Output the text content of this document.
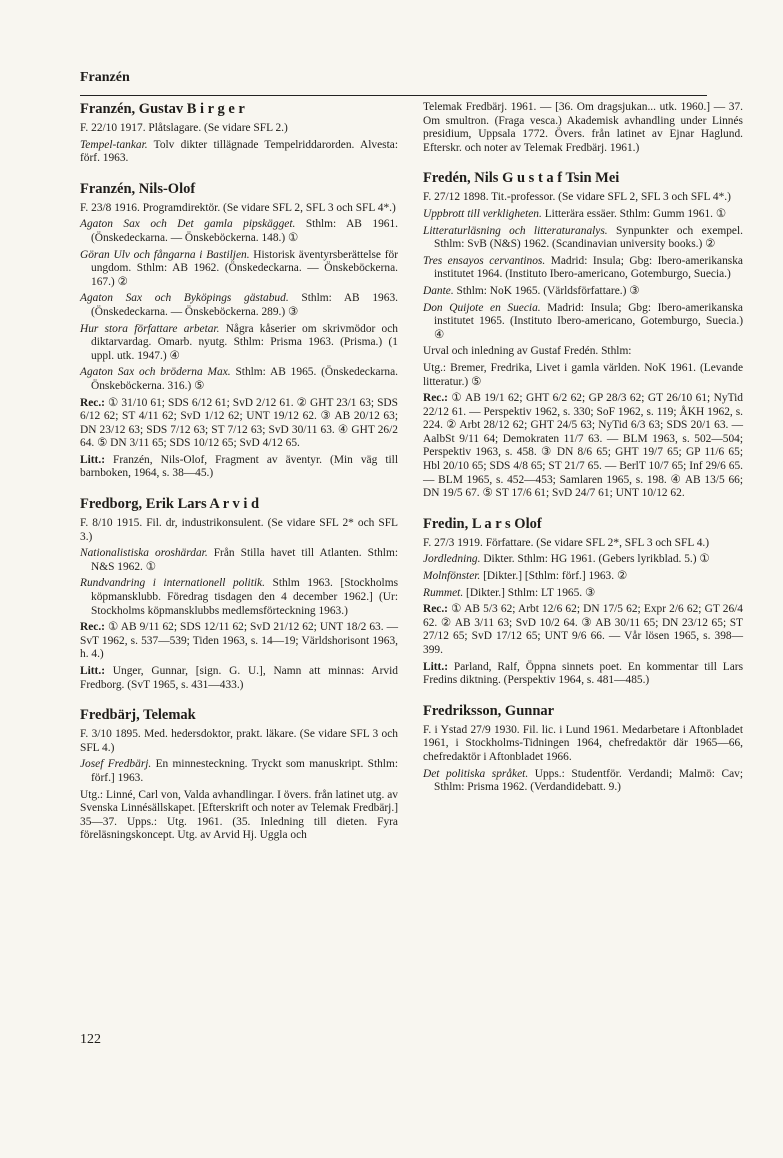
Franzén
Franzén, Gustav B i r g e r
F. 22/10 1917. Plåtslagare. (Se vidare SFL 2.)
Tempel-tankar. Tolv dikter tillägnade Tempelriddarorden. Alvesta: förf. 1963.
Franzén, Nils-Olof
F. 23/8 1916. Programdirektör. (Se vidare SFL 2, SFL 3 och SFL 4*.)
Agaton Sax och Det gamla pipskägget. Sthlm: AB 1961. (Önskedeckarna. — Önskeböckerna. 148.) ①
Göran Ulv och fångarna i Bastiljen. Historisk äventyrsberättelse för ungdom. Sthlm: AB 1962. (Önskedeckarna. — Önskeböckerna. 167.) ②
Agaton Sax och Byköpings gästabud. Sthlm: AB 1963. (Önskedeckarna. — Önskeböckerna. 289.) ③
Hur stora författare arbetar. Några kåserier om skrivmödor och diktarvardag. Omarb. nyutg. Sthlm: Prisma 1963. (Prisma.) (1 uppl. utk. 1947.) ④
Agaton Sax och bröderna Max. Sthlm: AB 1965. (Önskedeckarna. Önskeböckerna. 316.) ⑤
Rec.: ① 31/10 61; SDS 6/12 61; SvD 2/12 61. ② GHT 23/1 63; SDS 6/12 62; ST 4/11 62; SvD 1/12 62; UNT 19/12 62. ③ AB 20/12 63; DN 23/12 63; SDS 7/12 63; ST 7/12 63; SvD 30/11 63. ④ GHT 26/2 64. ⑤ DN 3/11 65; SDS 10/12 65; SvD 4/12 65.
Litt.: Franzén, Nils-Olof, Fragment av äventyr. (Min väg till barnboken, 1964, s. 38—45.)
Fredborg, Erik Lars A r v i d
F. 8/10 1915. Fil. dr, industrikonsulent. (Se vidare SFL 2* och SFL 3.)
Nationalistiska oroshärdar. Från Stilla havet till Atlanten. Sthlm: N&S 1962. ①
Rundvandring i internationell politik. Sthlm 1963. [Stockholms köpmansklubb. Föredrag tisdagen den 4 december 1962.] (Ur: Stockholms köpmansklubbs medlemsförteckning 1963.)
Rec.: ① AB 9/11 62; SDS 12/11 62; SvD 21/12 62; UNT 18/2 63. — SvT 1962, s. 537—539; Tiden 1963, s. 14—19; Världshorisont 1963, h. 4.)
Litt.: Unger, Gunnar, [sign. G. U.], Namn att minnas: Arvid Fredborg. (SvT 1965, s. 431—433.)
Fredbärj, Telemak
F. 3/10 1895. Med. hedersdoktor, prakt. läkare. (Se vidare SFL 3 och SFL 4.)
Josef Fredbärj. En minnesteckning. Tryckt som manuskript. Sthlm: förf.] 1963.
Utg.: Linné, Carl von, Valda avhandlingar. I övers. från latinet utg. av Svenska Linnésällskapet. [Efterskrift och noter av Telemak Fredbärj.] 35—37. Upps.: Utg. 1961. (35. Inledning till dieten. Fyra föreläsningskoncept. Utg. av Arvid Hj. Uggla och
Telemak Fredbärj. 1961. — [36. Om dragsjukan... utk. 1960.] — 37. Om smultron. (Fraga vesca.) Akademisk avhandling under Linnés presidium, Uppsala 1772. Övers. från latinet av Ejnar Haglund. Efterskr. och noter av Telemak Fredbärj. 1961.)
Fredén, Nils G u s t a f Tsin Mei
F. 27/12 1898. Tit.-professor. (Se vidare SFL 2, SFL 3 och SFL 4*.)
Uppbrott till verkligheten. Litterära essäer. Sthlm: Gumm 1961. ①
Litteraturläsning och litteraturanalys. Synpunkter och exempel. Sthlm: SvB (N&S) 1962. (Scandinavian university books.) ②
Tres ensayos cervantinos. Madrid: Insula; Gbg: Ibero-amerikanska institutet 1964. (Instituto Ibero-americano, Gotemburgo, Suecia.)
Dante. Sthlm: NoK 1965. (Världsförfattare.) ③
Don Quijote en Suecia. Madrid: Insula; Gbg: Ibero-amerikanska institutet 1965. (Instituto Ibero-americano, Gotemburgo, Suecia.) ④
Urval och inledning av Gustaf Fredén. Sthlm:
Utg.: Bremer, Fredrika, Livet i gamla världen. NoK 1961. (Levande litteratur.) ⑤
Rec.: ① AB 19/1 62; GHT 6/2 62; GP 28/3 62; GT 26/10 61; NyTid 22/12 61. — Perspektiv 1962, s. 330; SoF 1962, s. 119; ÅKH 1962, s. 224. ② Arbt 28/12 62; GHT 24/5 63; NyTid 6/3 63; SDS 20/1 63. — AalbSt 9/11 64; Demokraten 11/7 63. — BLM 1963, s. 502—504; Perspektiv 1963, s. 458. ③ DN 8/6 65; GHT 19/7 65; GP 11/6 65; Hbl 20/10 65; SDS 4/8 65; ST 21/7 65. — BerlT 10/7 65; Inf 29/6 65. — BLM 1965, s. 452—453; Samlaren 1965, s. 198. ④ AB 13/5 66; DN 19/5 67. ⑤ ST 17/6 61; SvD 24/7 61; UNT 10/12 62.
Fredin, L a r s Olof
F. 27/3 1919. Författare. (Se vidare SFL 2*, SFL 3 och SFL 4.)
Jordledning. Dikter. Sthlm: HG 1961. (Gebers lyrikblad. 5.) ①
Molnfönster. [Dikter.] [Sthlm: förf.] 1963. ②
Rummet. [Dikter.] Sthlm: LT 1965. ③
Rec.: ① AB 5/3 62; Arbt 12/6 62; DN 17/5 62; Expr 2/6 62; GT 26/4 62. ② AB 3/11 63; SvD 10/2 64. ③ AB 30/11 65; DN 23/12 65; ST 27/12 65; SvD 17/12 65; UNT 9/6 66. — Vår lösen 1965, s. 398—399.
Litt.: Parland, Ralf, Öppna sinnets poet. En kommentar till Lars Fredins diktning. (Perspektiv 1964, s. 481—485.)
Fredriksson, Gunnar
F. i Ystad 27/9 1930. Fil. lic. i Lund 1961. Medarbetare i Aftonbladet 1961, i Stockholms-Tidningen 1964, chefredaktör där 1965—66, chefredaktör i Aftonbladet 1966.
Det politiska språket. Upps.: Studentför. Verdandi; Malmö: Cav; Sthlm: Prisma 1962. (Verdandidebatt. 9.)
122
